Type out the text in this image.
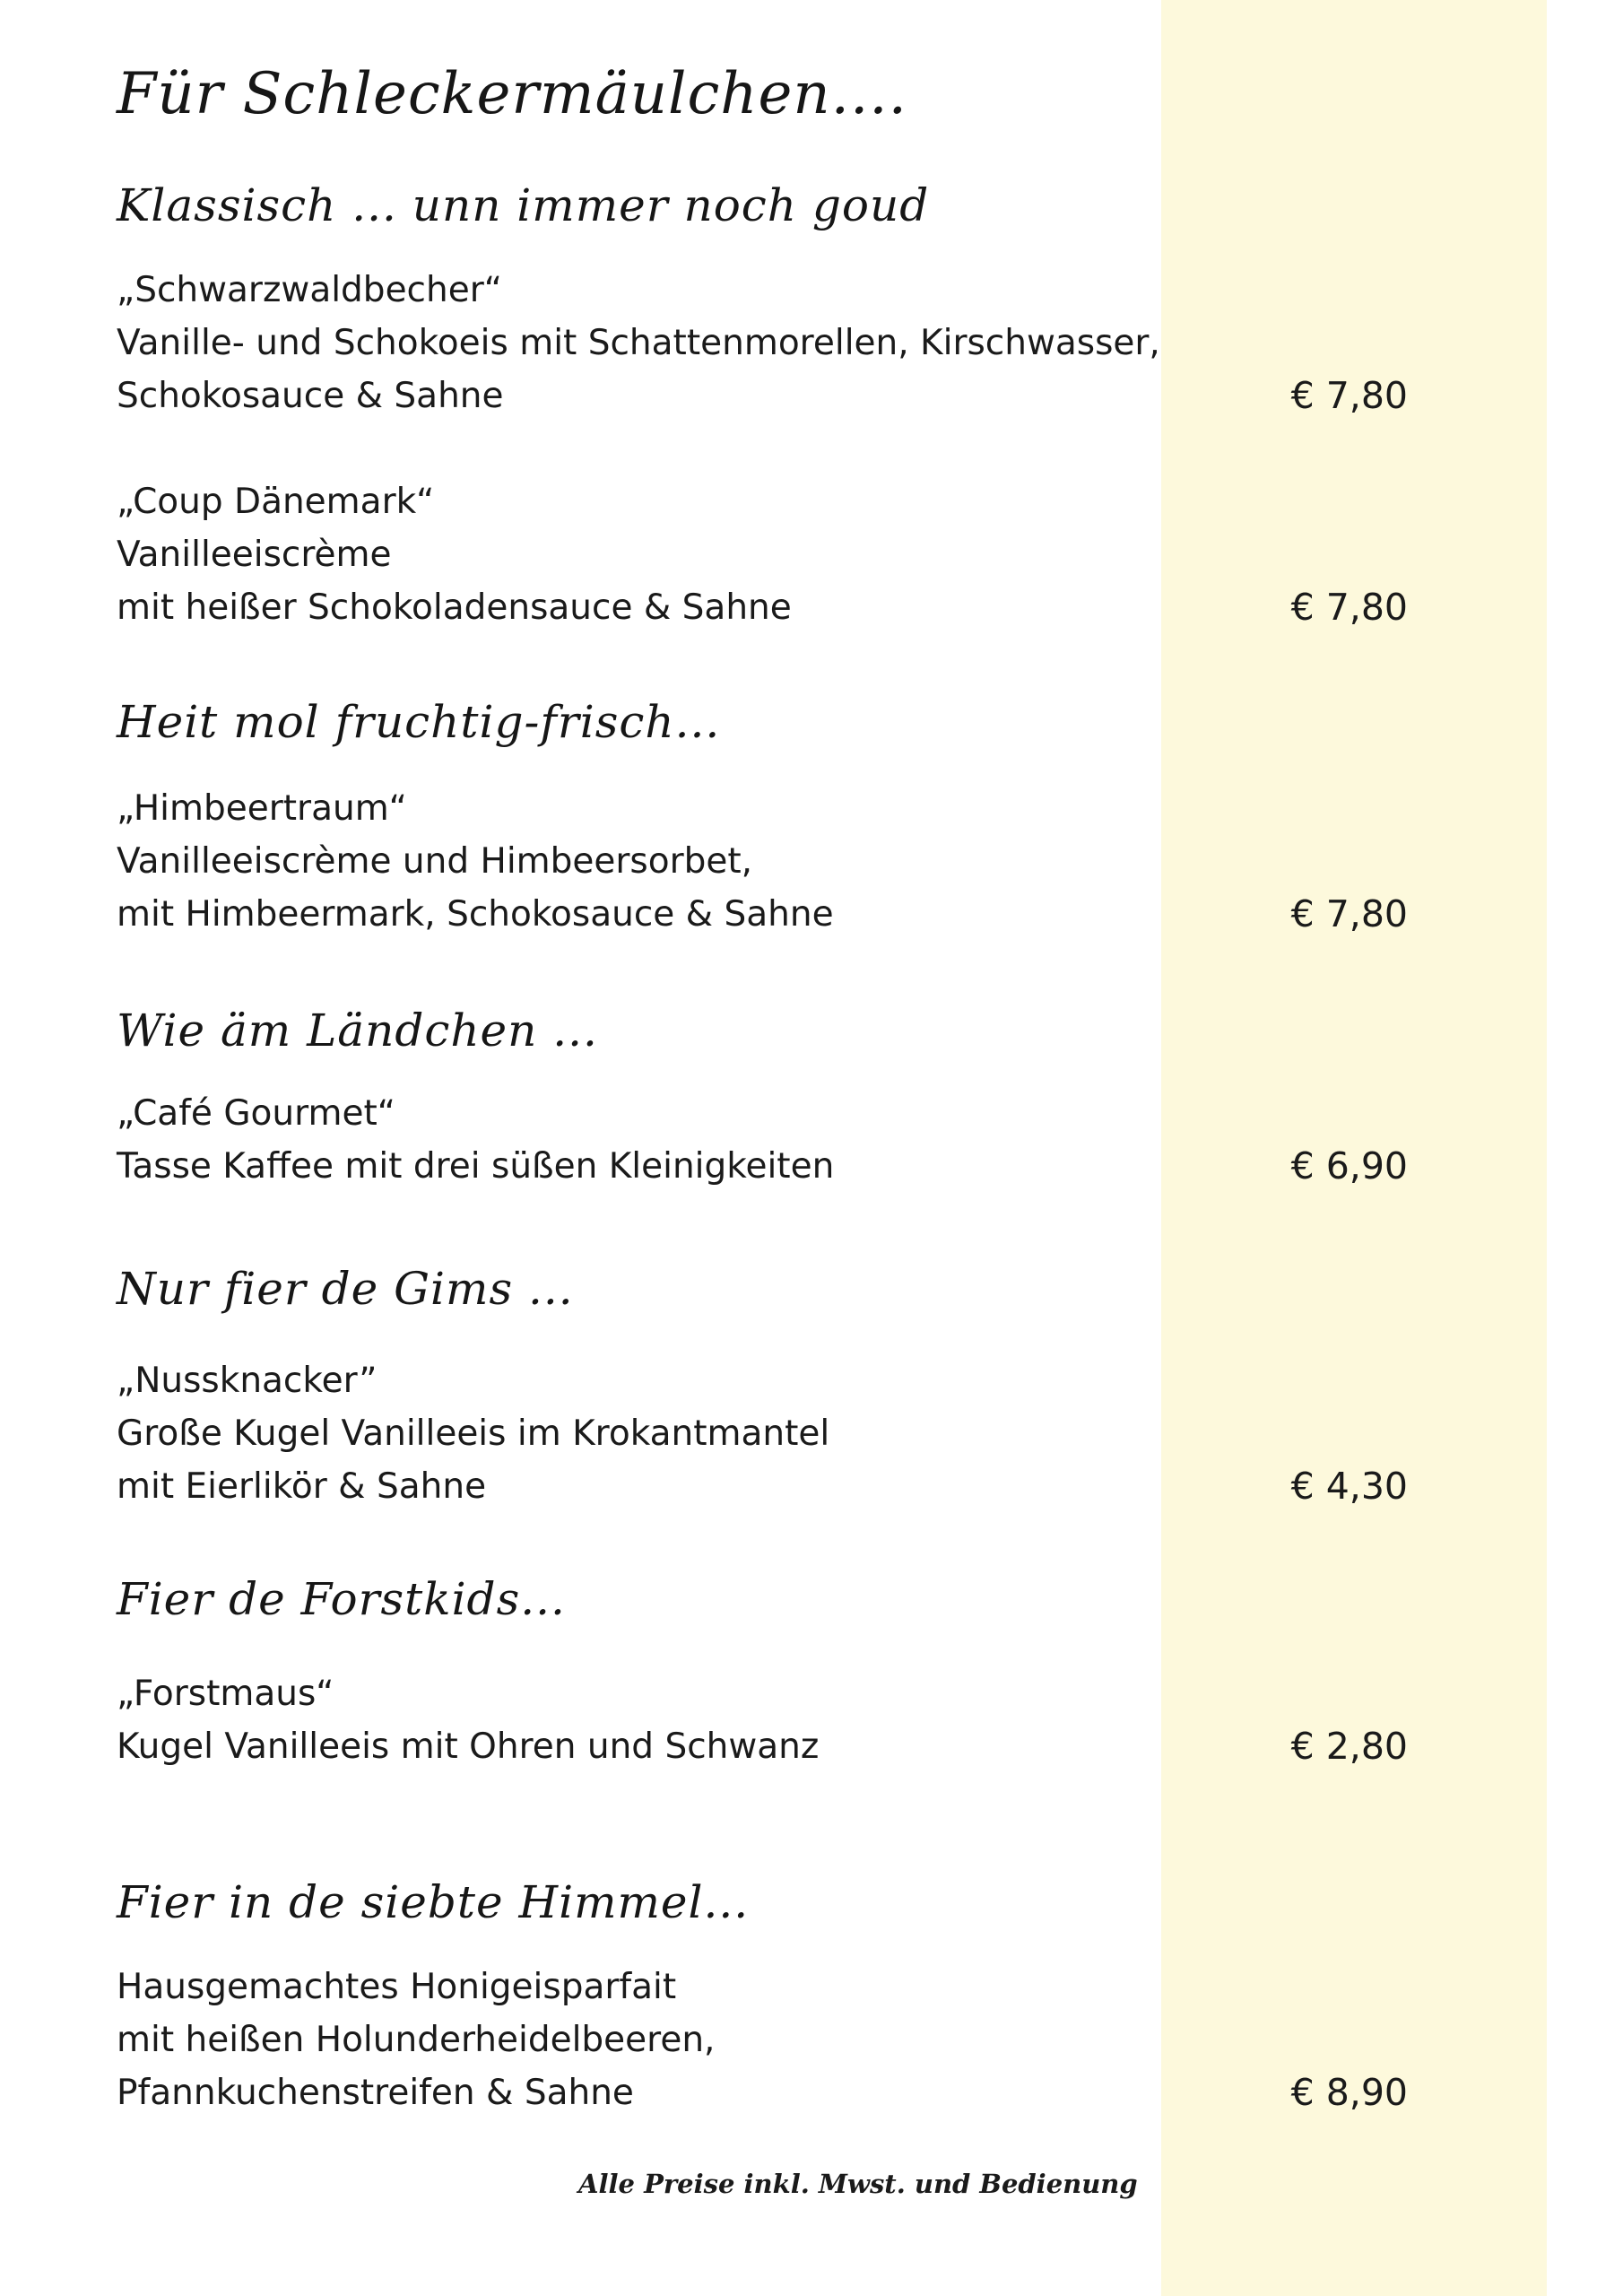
Für Schleckermäulchen....
Klassisch ... unn immer noch goud
„Schwarzwaldbecher“
Vanille- und Schokoeis mit Schattenmorellen, Kirschwasser,
Schokosauce & Sahne	€ 7,80
„Coup Dänemark“
Vanilleeiscrème
mit heißer Schokoladensauce & Sahne	€ 7,80
Heit mol fruchtig-frisch...
„Himbeertraum“
Vanilleeiscrème und Himbeersorbet,
mit Himbeermark, Schokosauce & Sahne	€ 7,80
Wie äm Ländchen ...
„Café Gourmet“
Tasse Kaffee mit drei süßen Kleinigkeiten	€ 6,90
Nur fier de Gims ...
„Nussknacker”
Große Kugel Vanilleeis im Krokantmantel
mit Eierlikör & Sahne	€ 4,30
Fier de Forstkids...
„Forstmaus“
Kugel Vanilleeis mit Ohren und Schwanz	€ 2,80
Fier in de siebte Himmel...
Hausgemachtes Honigeisparfait
mit heißen Holunderheidelbeeren,
Pfannkuchenstreifen & Sahne	€ 8,90
Alle Preise inkl. Mwst. und Bedienung
